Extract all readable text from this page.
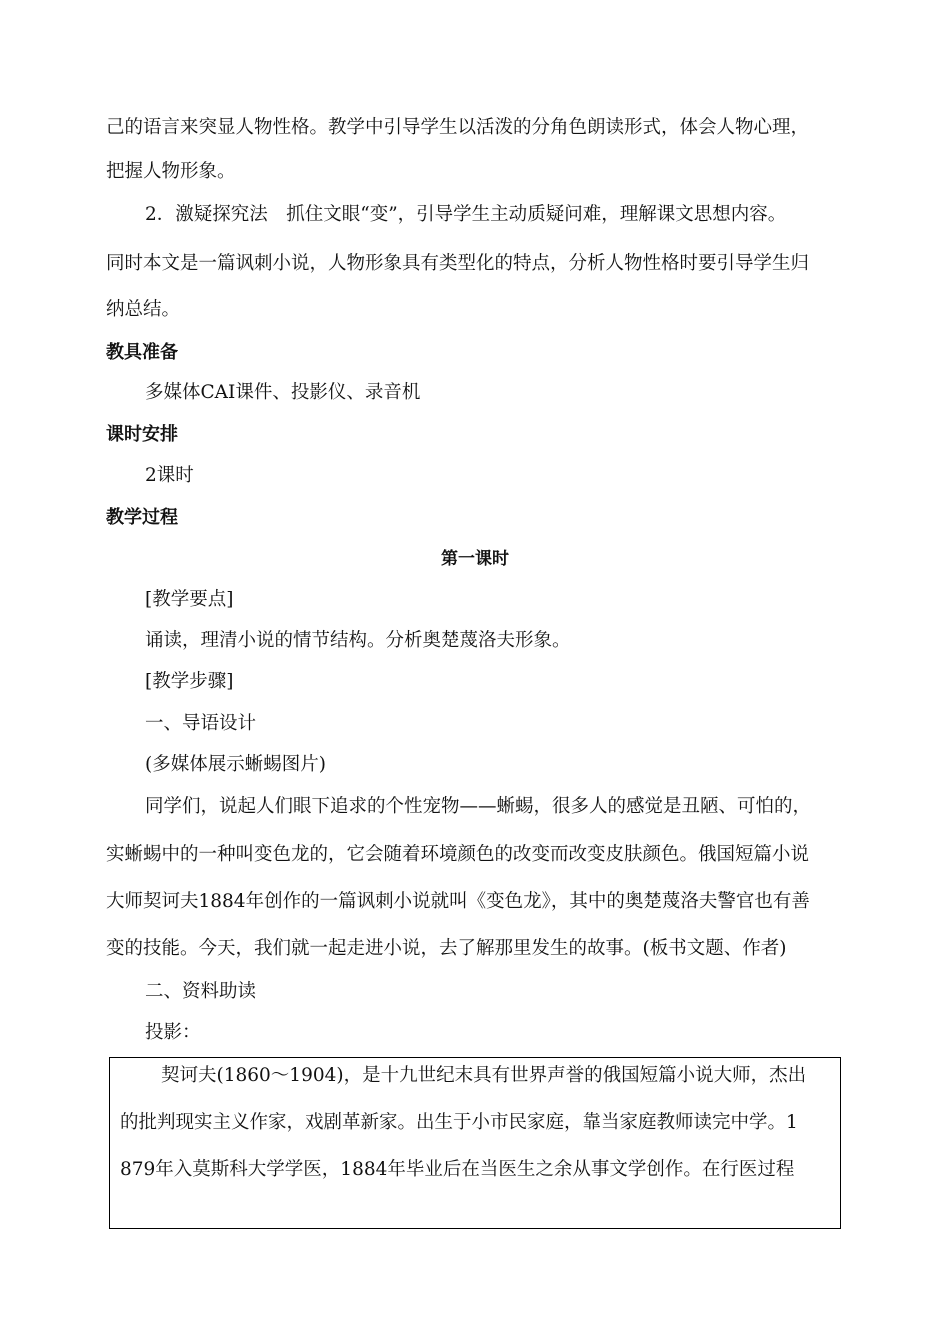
己的语言来突显人物性格。教学中引导学生以活泼的分角色朗读形式，体会人物心理，
把握人物形象。
2．激疑探究法　抓住文眼“变”，引导学生主动质疑问难，理解课文思想内容。
同时本文是一篇讽刺小说，人物形象具有类型化的特点，分析人物性格时要引导学生归
纳总结。
教具准备
多媒体CAI课件、投影仪、录音机
课时安排
2课时
教学过程
第一课时
[教学要点]
诵读，理清小说的情节结构。分析奥楚蔑洛夫形象。
[教学步骤]
一、导语设计
(多媒体展示蜥蜴图片)
同学们，说起人们眼下追求的个性宠物——蜥蜴，很多人的感觉是丑陋、可怕的，
实蜥蜴中的一种叫变色龙的，它会随着环境颜色的改变而改变皮肤颜色。俄国短篇小说
大师契诃夫1884年创作的一篇讽刺小说就叫《变色龙》，其中的奥楚蔑洛夫警官也有善
变的技能。今天，我们就一起走进小说，去了解那里发生的故事。(板书文题、作者)
二、资料助读
投影：
契诃夫(1860～1904)，是十九世纪末具有世界声誉的俄国短篇小说大师，杰出
的批判现实主义作家，戏剧革新家。出生于小市民家庭，靠当家庭教师读完中学。1
879年入莫斯科大学学医，1884年毕业后在当医生之余从事文学创作。在行医过程
